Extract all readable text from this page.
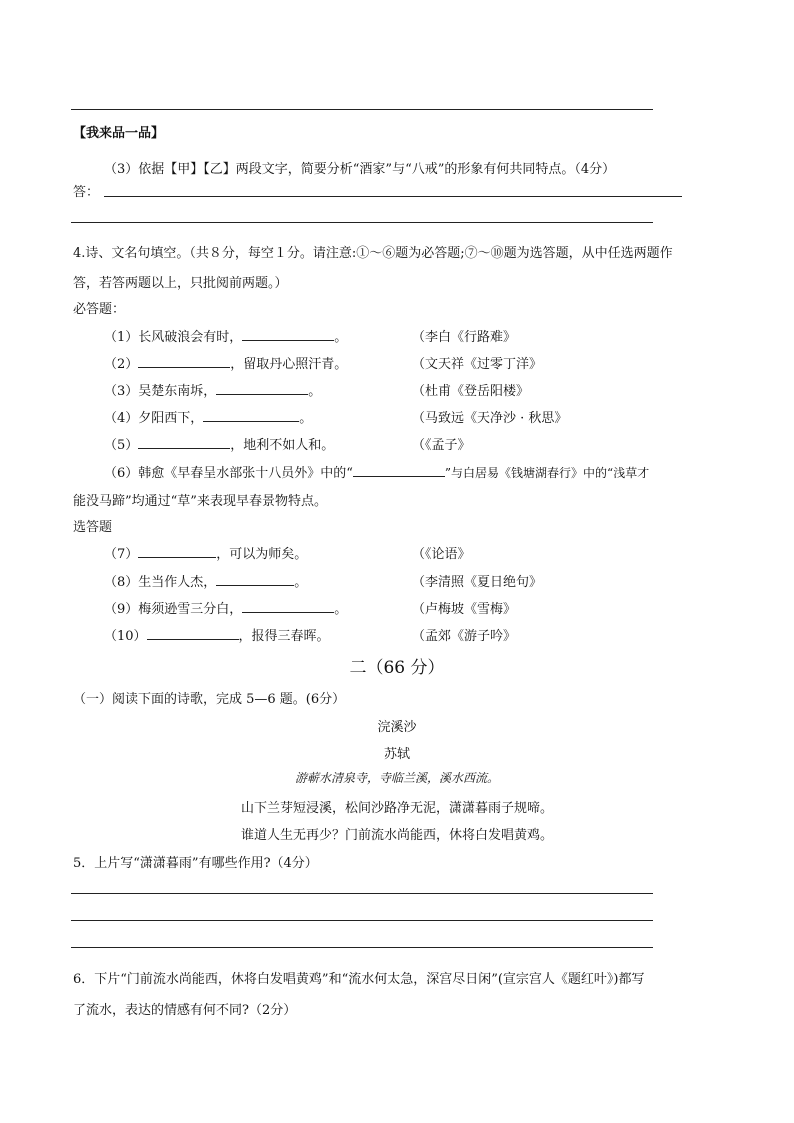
【我来品一品】
（3）依据【甲】【乙】两段文字，简要分析“酒家”与“八戒”的形象有何共同特点。（4分）
答：
4.诗、文名句填空。（共８分，每空１分。请注意:①～⑥题为必答题;⑦～⑩题为选答题，从中任选两题作
答，若答两题以上，只批阅前两题。）
必答题：
（1）长风破浪会有时，	。	（李白《行路难》
（2）	，留取丹心照汗青。	（文天祥《过零丁洋》
（3）吴楚东南坼，	。	（杜甫《登岳阳楼》
（4）夕阳西下，	。	（马致远《天净沙 · 秋思》
（5）	，地利不如人和。	（《孟子》
（6）韩愈《早春呈水部张十八员外》中的“	”与白居易《钱塘湖春行》中的“浅草才
能没马蹄”均通过“草”来表现早春景物特点。
选答题
（7）	，可以为师矣。	（《论语》
（8）生当作人杰，	。	（李清照《夏日绝句》
（9）梅须逊雪三分白，	。	（卢梅坡《雪梅》
（10）	，报得三春晖。	（孟郊《游子吟》
二（66 分）
（一）阅读下面的诗歌，完成 5—6 题。(6分）
浣溪沙
苏轼
游蕲水清泉寺，寺临兰溪，溪水西流。
山下兰芽短浸溪，松间沙路净无泥，潇潇暮雨子规啼。
谁道人生无再少？门前流水尚能西，休将白发唱黄鸡。
5．上片写“潇潇暮雨”有哪些作用?（4分）
6．下片“门前流水尚能西，休将白发唱黄鸡”和“流水何太急，深宫尽日闲”(宣宗宫人《题红叶》)都写
了流水，表达的情感有何不同?（2分）
